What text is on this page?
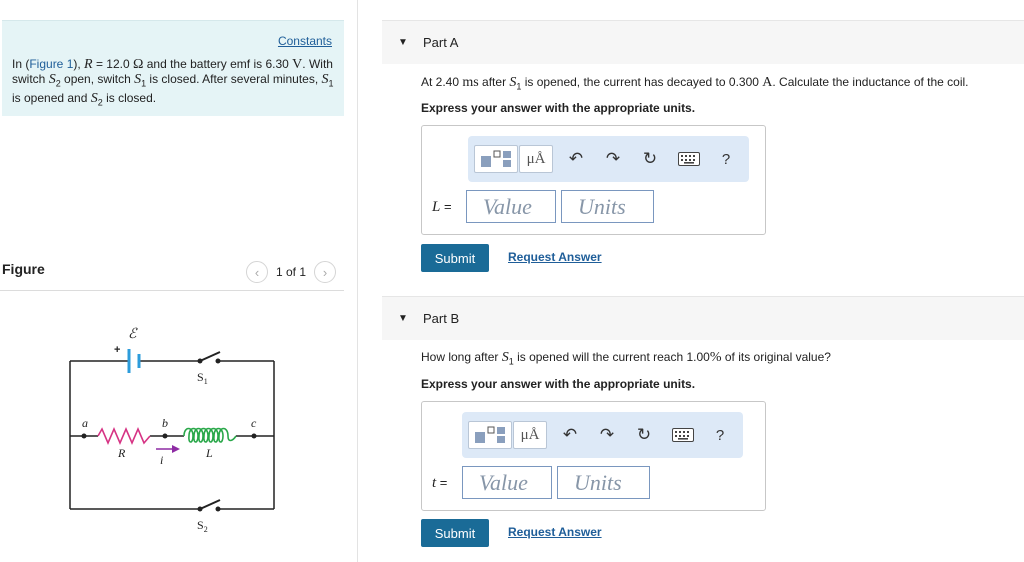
Constants
In (Figure 1), R = 12.0 Ω and the battery emf is 6.30 V. With switch $S_2$ open, switch $S_1$ is closed. After several minutes, $S_1$ is opened and $S_2$ is closed.
Figure	‹	1 of 1	›
+
ℰ
$S_1$
$S_2$
a	b	c
R	L
i
▼ Part A
At 2.40 ms after $S_1$ is opened, the current has decayed to 0.300 A. Calculate the inductance of the coil.
Express your answer with the appropriate units.
μÅ	↶ ↷ ↻	?
L =
Value
Units
Submit	Request Answer
▼ Part B
How long after $S_1$ is opened will the current reach 1.00% of its original value?
Express your answer with the appropriate units.
μÅ	↶ ↷ ↻	?
t =
Value
Units
Submit	Request Answer
